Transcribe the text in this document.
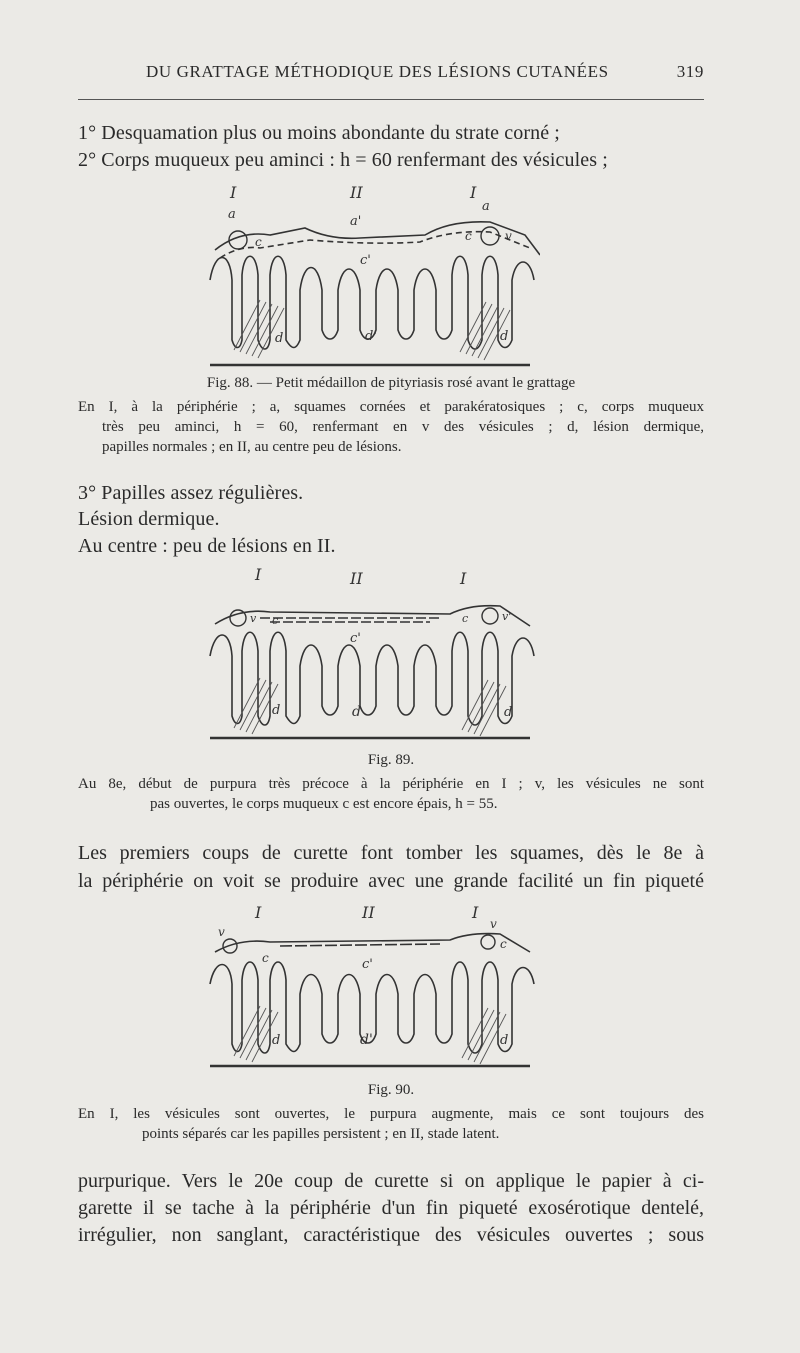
DU GRATTAGE MÉTHODIQUE DES LÉSIONS CUTANÉES	319
1° Desquamation plus ou moins abondante du strate corné ;
2° Corps muqueux peu aminci : h = 60 renfermant des vésicules ;
I	II	I
a	a'
a
c	c	v
c'
d	d'	d
Fig. 88. — Petit médaillon de pityriasis rosé avant le grattage
En I, à la périphérie ; a, squames cornées et parakératosiques ; c, corps muqueux
très peu aminci, h = 60, renfermant en v des vésicules ; d, lésion dermique,
papilles normales ; en II, au centre peu de lésions.
3° Papilles assez régulières.
Lésion dermique.
Au centre : peu de lésions en II.
I	II	I
v	v'
c	c
c'
d	d	d
Fig. 89.
Au 8e, début de purpura très précoce à la périphérie en I ; v, les vésicules ne sont
pas ouvertes, le corps muqueux c est encore épais, h = 55.
Les premiers coups de curette font tomber les squames, dès le 8e à
la périphérie on voit se produire avec une grande facilité un fin piqueté
I	II	I
v
v
c
c
c'
d	d'	d
Fig. 90.
En I, les vésicules sont ouvertes, le purpura augmente, mais ce sont toujours des
points séparés car les papilles persistent ; en II, stade latent.
purpurique. Vers le 20e coup de curette si on applique le papier à ci-
garette il se tache à la périphérie d'un fin piqueté exosérotique dentelé,
irrégulier, non sanglant, caractéristique des vésicules ouvertes ; sous
